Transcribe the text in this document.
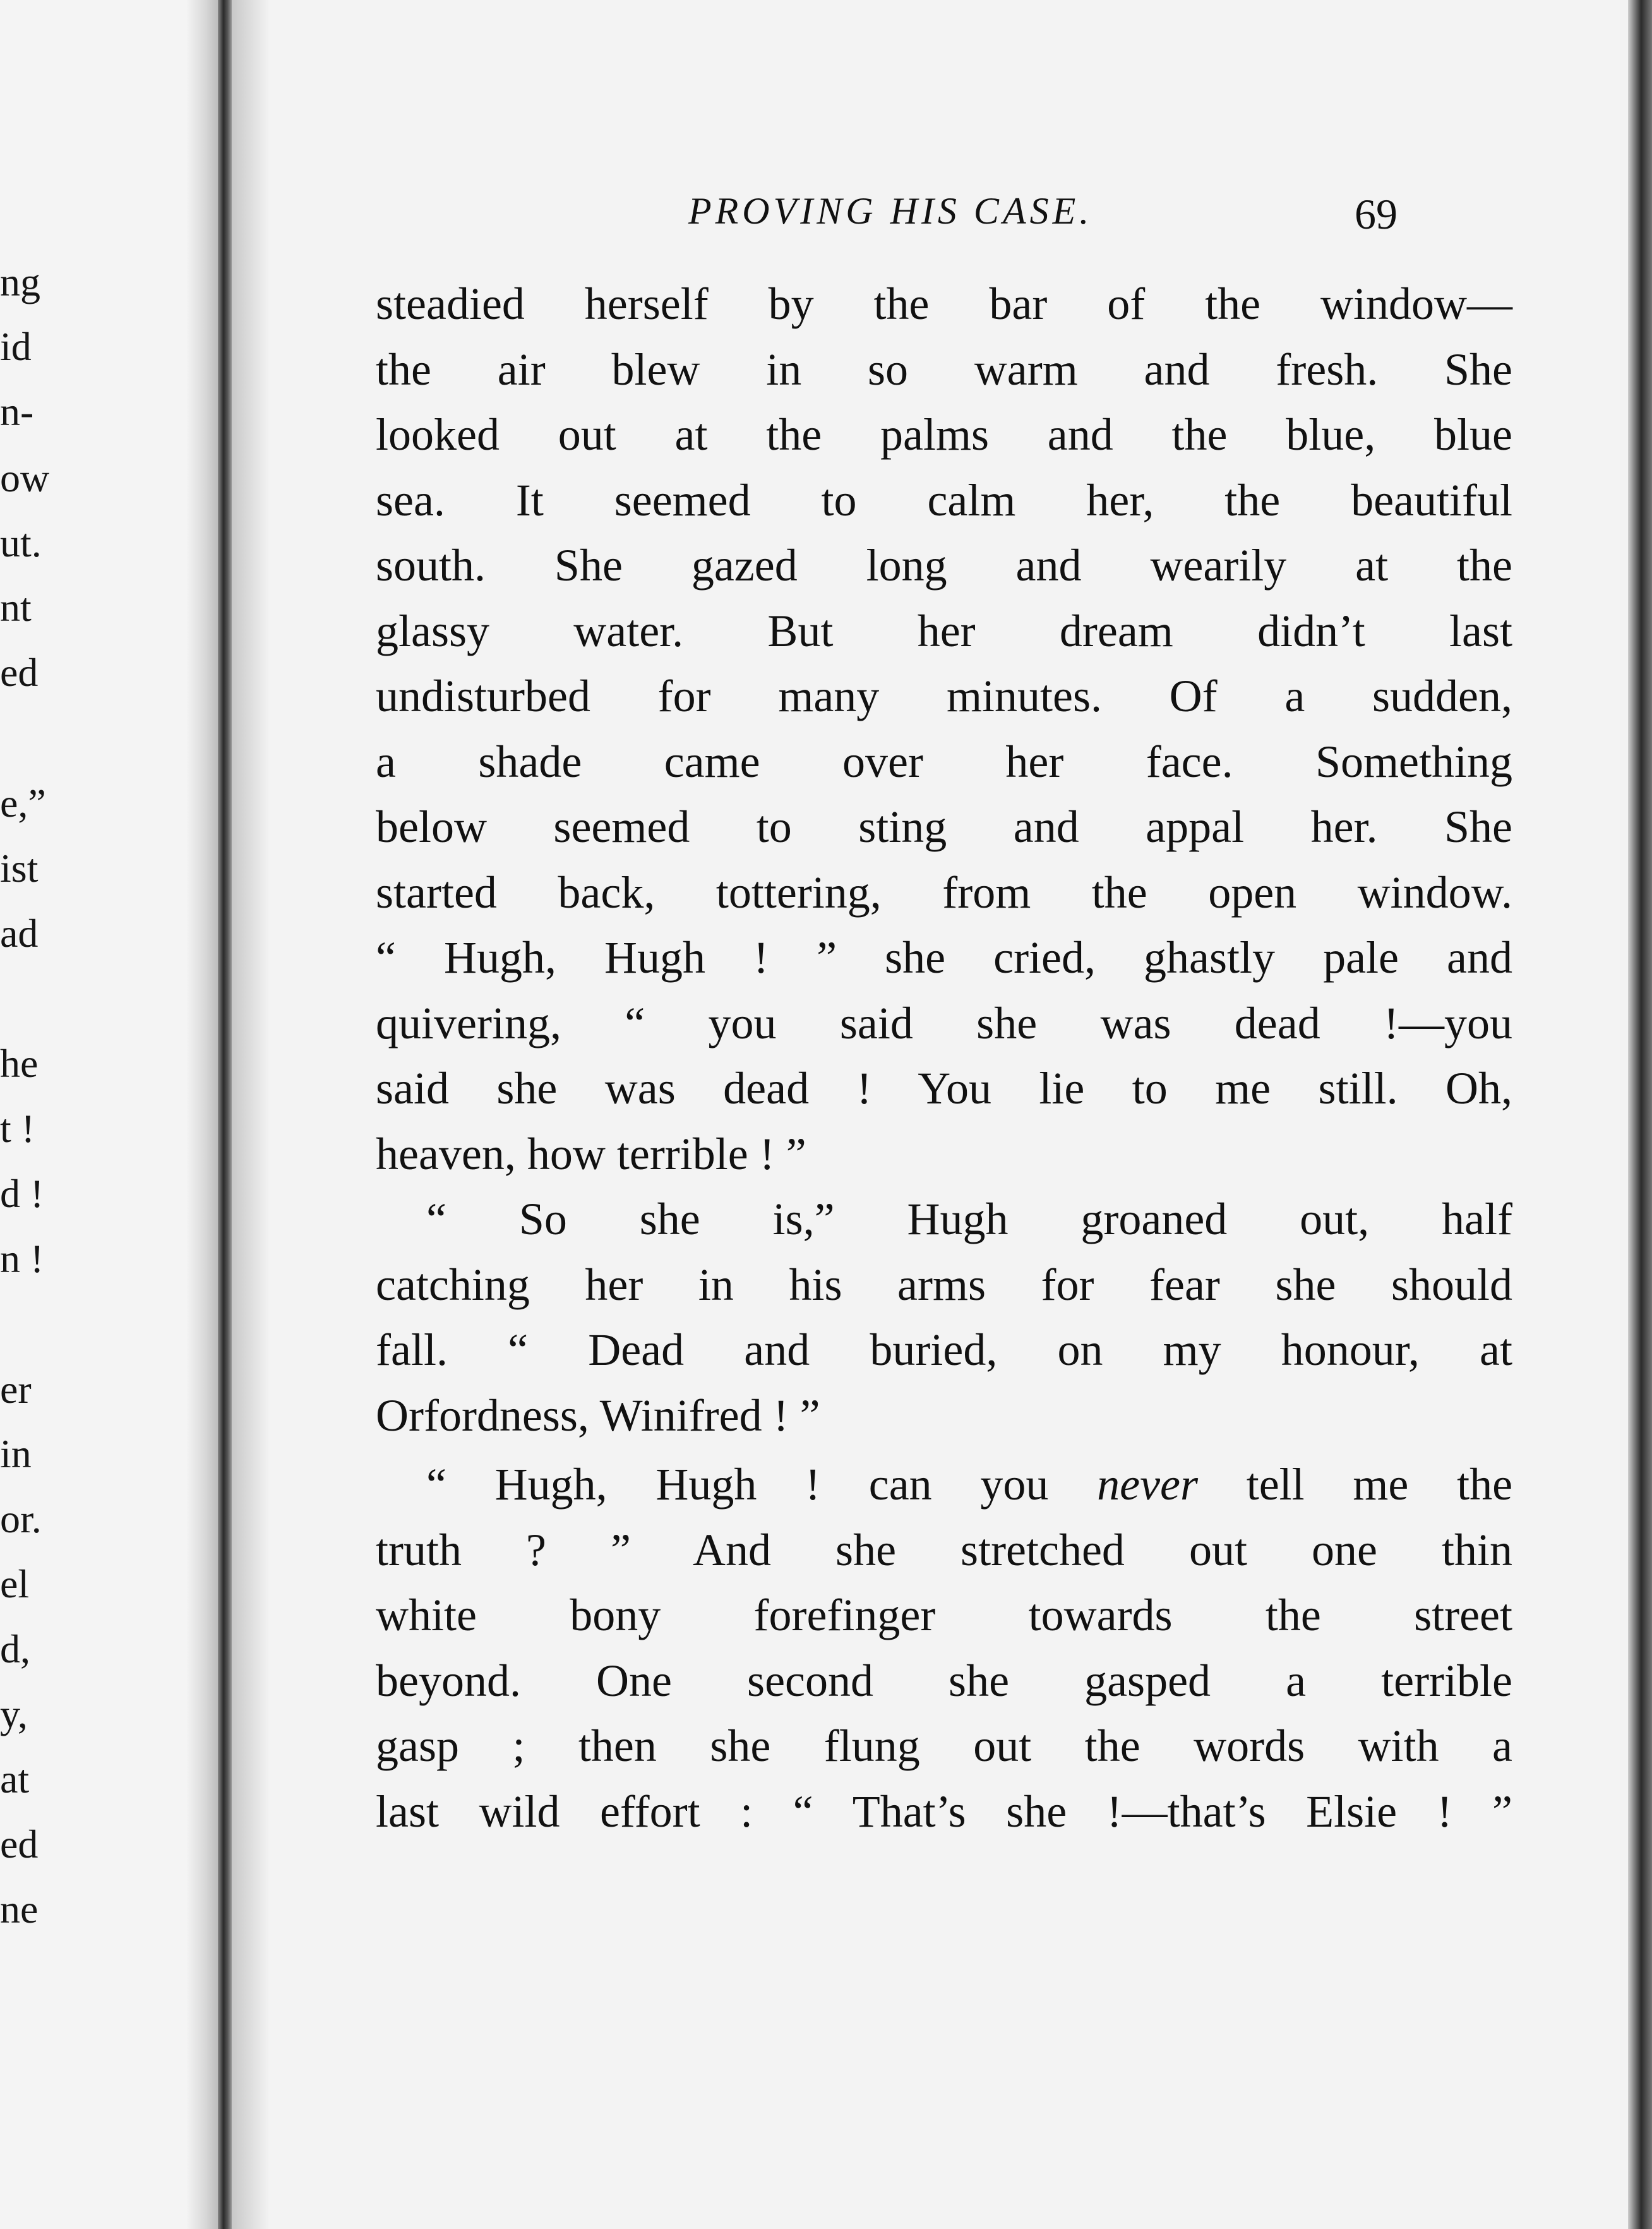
ng
id
n-
ow
ut.
nt
ed
e,”
ist
ad
he
t !
d !
n !
er
in
or.
el
d,
y,
at
ed
ne
PROVING HIS CASE.	69
steadied herself by the bar of the window—
the air blew in so warm and fresh. She
looked out at the palms and the blue, blue
sea. It seemed to calm her, the beautiful
south. She gazed long and wearily at the
glassy water. But her dream didn’t last
undisturbed for many minutes. Of a sudden,
a shade came over her face. Something
below seemed to sting and appal her. She
started back, tottering, from the open window.
“ Hugh, Hugh ! ” she cried, ghastly pale and
quivering, “ you said she was dead !—you
said she was dead ! You lie to me still. Oh,
heaven, how terrible ! ”
“ So she is,” Hugh groaned out, half
catching her in his arms for fear she should
fall. “ Dead and buried, on my honour, at
Orfordness, Winifred ! ”
“ Hugh, Hugh ! can you never tell me the
truth ? ” And she stretched out one thin
white bony forefinger towards the street
beyond. One second she gasped a terrible
gasp ; then she flung out the words with a
last wild effort : “ That’s she !—that’s Elsie ! ”
